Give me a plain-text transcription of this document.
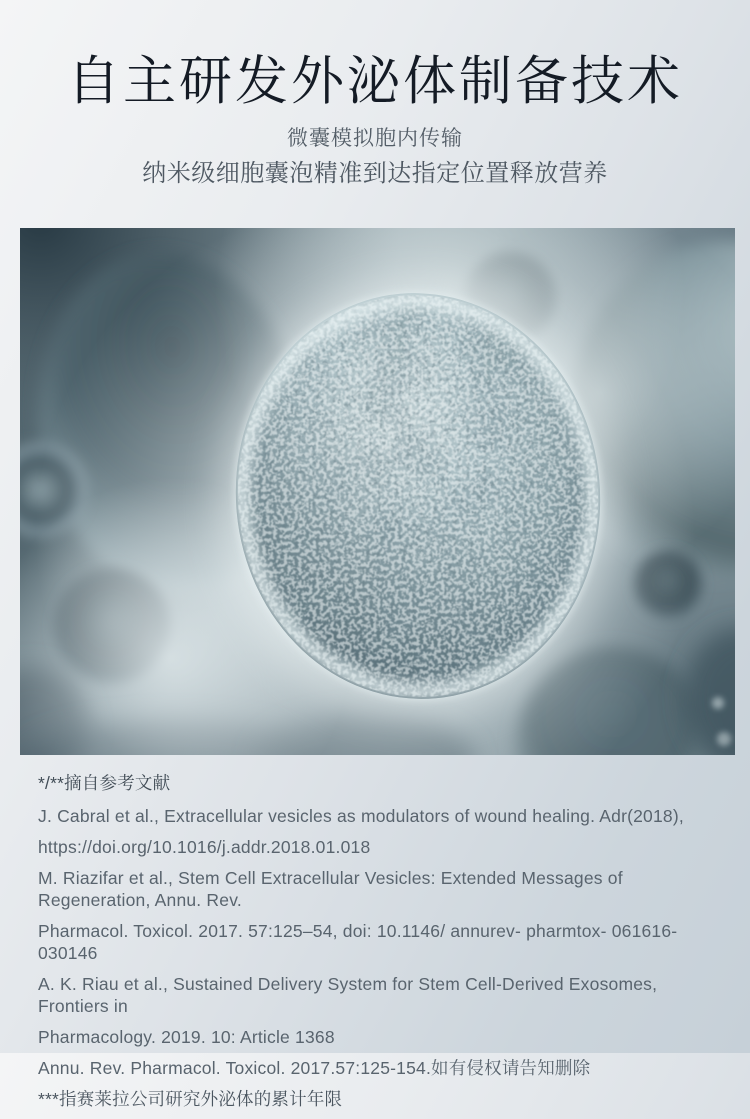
自主研发外泌体制备技术

微囊模拟胞内传输

纳米级细胞囊泡精准到达指定位置释放营养

*/**摘自参考文献

J. Cabral et al., Extracellular vesicles as modulators of wound healing. Adr(2018),

https://doi.org/10.1016/j.addr.2018.01.018

M. Riazifar et al., Stem Cell Extracellular Vesicles: Extended Messages of Regeneration, Annu. Rev.

Pharmacol. Toxicol. 2017. 57:125–54, doi: 10.1146/ annurev- pharmtox- 061616-030146

A. K. Riau et al., Sustained Delivery System for Stem Cell-Derived Exosomes, Frontiers in

Pharmacology. 2019. 10: Article 1368

Annu. Rev. Pharmacol. Toxicol. 2017.57:125-154.如有侵权请告知删除

***指赛莱拉公司研究外泌体的累计年限
